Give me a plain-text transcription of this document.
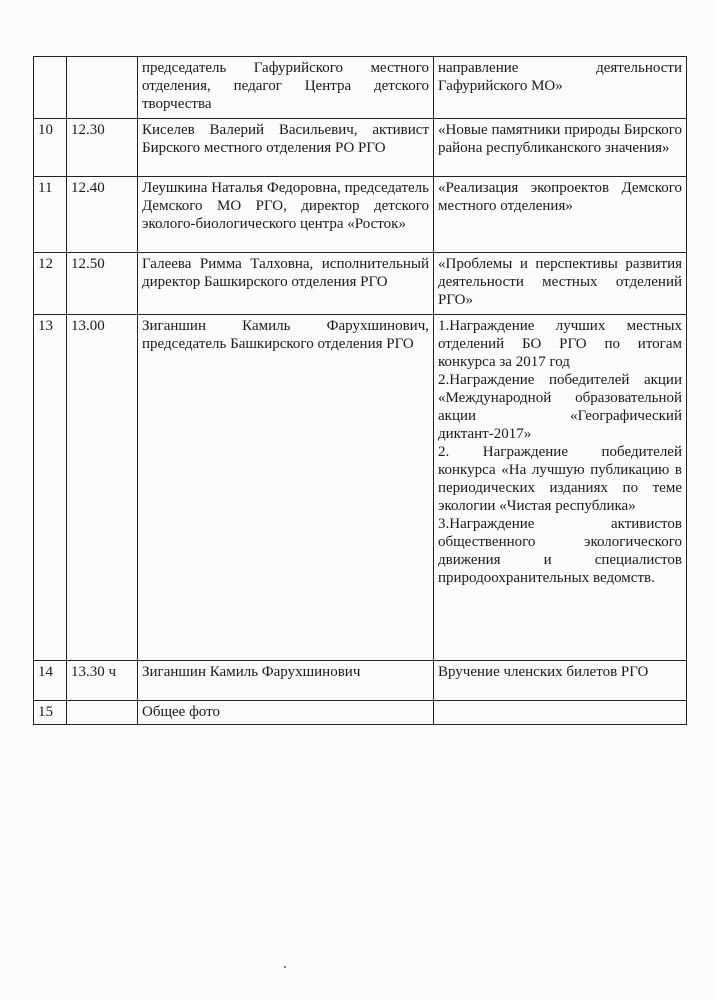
		председатель Гафурийского местного отделения, педагог Центра детского творчества	направление деятельности Гафурийского МО»
10	12.30	Киселев Валерий Васильевич, активист Бирского местного отделения РО РГО	«Новые памятники природы Бирского района республиканского значения»
11	12.40	Леушкина Наталья Федоровна, председатель Демского МО РГО, директор детского эколого-биологического центра «Росток»	«Реализация экопроектов Демского местного отделения»
12	12.50	Галеева Римма Талховна, исполнительный директор Башкирского отделения РГО	«Проблемы и перспективы развития деятельности местных отделений РГО»
13	13.00	Зиганшин Камиль Фарухшинович, председатель Башкирского отделения РГО	1.Награждение лучших местных отделений БО РГО по итогам конкурса за 2017 год
2.Награждение победителей акции «Международной образовательной акции «Географический диктант-2017»
2. Награждение победителей конкурса «На лучшую публикацию в периодических изданиях по теме экологии «Чистая республика»
3.Награждение активистов общественного экологического движения и специалистов природоохранительных ведомств.

14	13.30 ч	Зиганшин Камиль Фарухшинович	Вручение членских билетов РГО
15		Общее фото	
